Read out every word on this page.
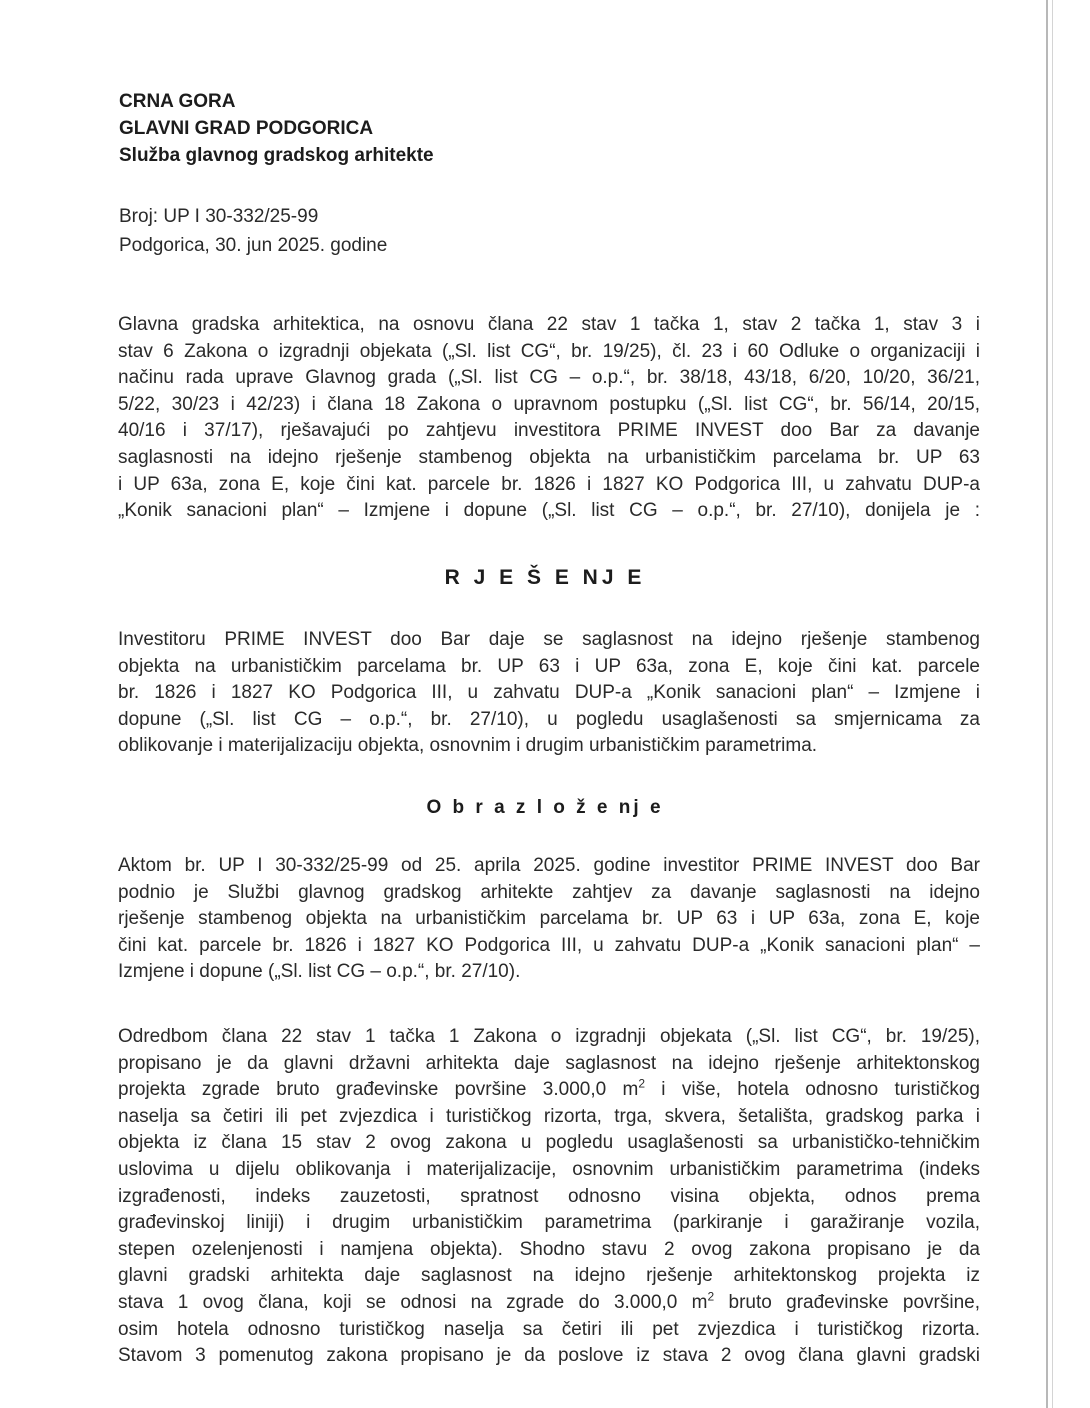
CRNA GORA
GLAVNI GRAD PODGORICA
Služba glavnog gradskog arhitekte
Broj: UP I 30-332/25-99
Podgorica, 30. jun 2025. godine
Glavna gradska arhitektica, na osnovu člana 22 stav 1 tačka 1, stav 2 tačka 1, stav 3 i
stav 6 Zakona o izgradnji objekata („Sl. list CG“, br. 19/25), čl. 23 i 60 Odluke o organizaciji i
načinu rada uprave Glavnog grada („Sl. list CG – o.p.“, br. 38/18, 43/18, 6/20, 10/20, 36/21,
5/22, 30/23 i 42/23) i člana 18 Zakona o upravnom postupku („Sl. list CG“, br. 56/14, 20/15,
40/16 i 37/17), rješavajući po zahtjevu investitora PRIME INVEST doo Bar za davanje
saglasnosti na idejno rješenje stambenog objekta na urbanističkim parcelama br. UP 63
i UP 63a, zona E, koje čini kat. parcele br. 1826 i 1827 KO Podgorica III, u zahvatu DUP-a
„Konik sanacioni plan“ – Izmjene i dopune („Sl. list CG – o.p.“, br. 27/10), donijela je :
R J E Š E NJ E
Investitoru PRIME INVEST doo Bar daje se saglasnost na idejno rješenje stambenog
objekta na urbanističkim parcelama br. UP 63 i UP 63a, zona E, koje čini kat. parcele
br. 1826 i 1827 KO Podgorica III, u zahvatu DUP-a „Konik sanacioni plan“ – Izmjene i
dopune („Sl. list CG – o.p.“, br. 27/10), u pogledu usaglašenosti sa smjernicama za
oblikovanje i materijalizaciju objekta, osnovnim i drugim urbanističkim parametrima.
O b r a z l o ž e nj e
Aktom br. UP I 30-332/25-99 od 25. aprila 2025. godine investitor PRIME INVEST doo Bar
podnio je Službi glavnog gradskog arhitekte zahtjev za davanje saglasnosti na idejno
rješenje stambenog objekta na urbanističkim parcelama br. UP 63 i UP 63a, zona E, koje
čini kat. parcele br. 1826 i 1827 KO Podgorica III, u zahvatu DUP-a „Konik sanacioni plan“ –
Izmjene i dopune („Sl. list CG – o.p.“, br. 27/10).
Odredbom člana 22 stav 1 tačka 1 Zakona o izgradnji objekata („Sl. list CG“, br. 19/25),
propisano je da glavni državni arhitekta daje saglasnost na idejno rješenje arhitektonskog
projekta zgrade bruto građevinske površine 3.000,0 $m^2$ i više, hotela odnosno turističkog
naselja sa četiri ili pet zvjezdica i turističkog rizorta, trga, skvera, šetališta, gradskog parka i
objekta iz člana 15 stav 2 ovog zakona u pogledu usaglašenosti sa urbanističko-tehničkim
uslovima u dijelu oblikovanja i materijalizacije, osnovnim urbanističkim parametrima (indeks
izgrađenosti, indeks zauzetosti, spratnost odnosno visina objekta, odnos prema
građevinskoj liniji) i drugim urbanističkim parametrima (parkiranje i garažiranje vozila,
stepen ozelenjenosti i namjena objekta). Shodno stavu 2 ovog zakona propisano je da
glavni gradski arhitekta daje saglasnost na idejno rješenje arhitektonskog projekta iz
stava 1 ovog člana, koji se odnosi na zgrade do 3.000,0 $m^2$ bruto građevinske površine,
osim hotela odnosno turističkog naselja sa četiri ili pet zvjezdica i turističkog rizorta.
Stavom 3 pomenutog zakona propisano je da poslove iz stava 2 ovog člana glavni gradski
